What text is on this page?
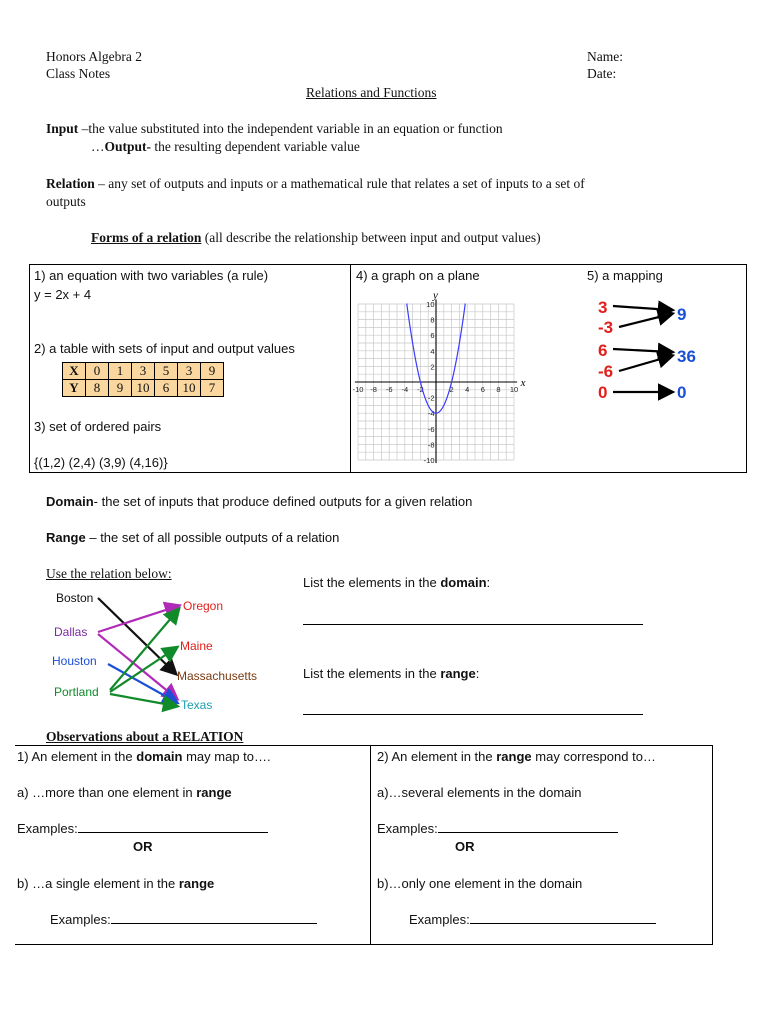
Honors Algebra 2
Class Notes
Name:
Date:
Relations and Functions
Input –the value substituted into the independent variable in an equation or function
…Output- the resulting dependent variable value
Relation – any set of outputs and inputs or a mathematical rule that relates a set of inputs to a set of
outputs
Forms of a relation (all describe the relationship between input and output values)
1) an equation with two variables (a rule)
y = 2x + 4
2) a table with sets of input and output values
X	0	1	3	5	3	9
Y	8	9	10	6	10	7
3) set of ordered pairs
{(1,2) (2,4) (3,9) (4,16)}
4) a graph on a plane	5) a mapping
-10 -8 -6 -4 -2	2 4 6 8 10
10
8
6
4
2
-2
-4
-6
-8
-10
x
y
3
-3
6
-6
0
9
36
0
Domain- the set of inputs that produce defined outputs for a given relation
Range – the set of all possible outputs of a relation
Use the relation below:
Boston
Dallas
Houston
Portland
Oregon
Maine
Massachusetts
Texas
List the elements in the domain:
List the elements in the range:
Observations about a RELATION
1) An element in the domain may map to….
a) …more than one element in range
Examples:
OR
b) …a single element in the range
Examples:
2) An element in the range may correspond to…
a)…several elements in the domain
Examples:
OR
b)…only one element in the domain
Examples:
